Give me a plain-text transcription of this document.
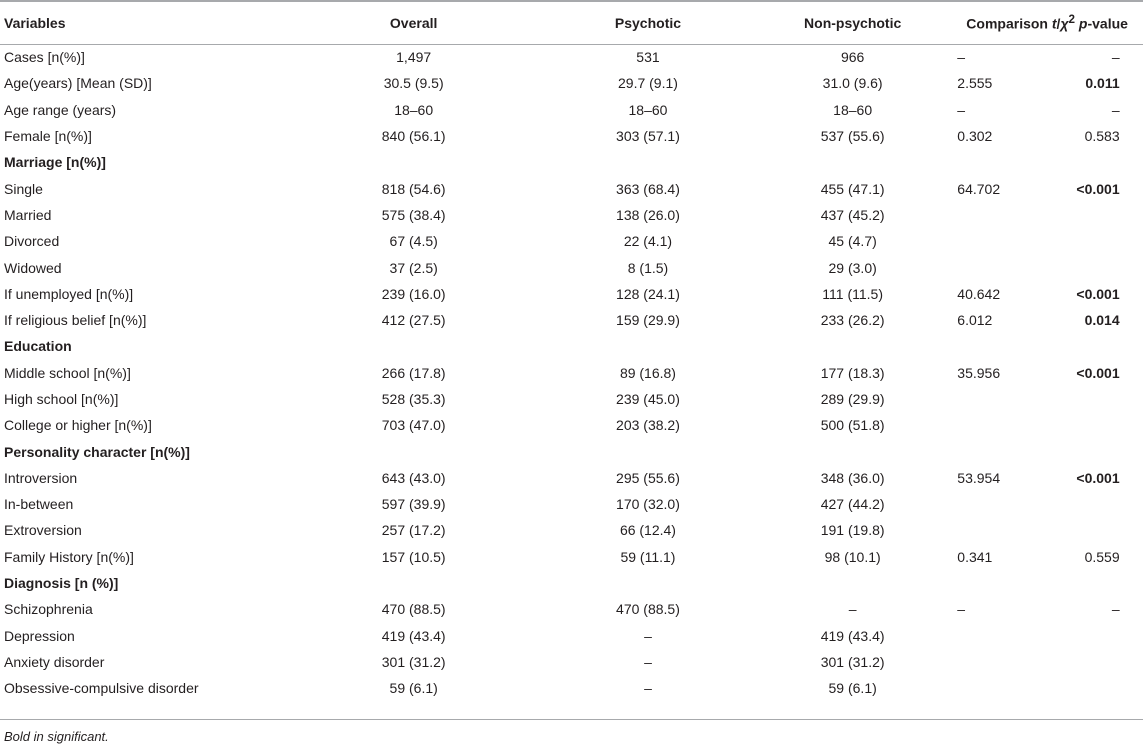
Variables	Overall	Psychotic	Non-psychotic	Comparison $t/\chi^2$ p-value	
Cases [n(%)]	1,497	531	966	–	–
Age(years) [Mean (SD)]	30.5 (9.5)	29.7 (9.1)	31.0 (9.6)	2.555	0.011
Age range (years)	18–60	18–60	18–60	–	–
Female [n(%)]	840 (56.1)	303 (57.1)	537 (55.6)	0.302	0.583
Marriage [n(%)]					
Single	818 (54.6)	363 (68.4)	455 (47.1)	64.702	<0.001
Married	575 (38.4)	138 (26.0)	437 (45.2)		
Divorced	67 (4.5)	22 (4.1)	45 (4.7)		
Widowed	37 (2.5)	8 (1.5)	29 (3.0)		
If unemployed [n(%)]	239 (16.0)	128 (24.1)	111 (11.5)	40.642	<0.001
If religious belief [n(%)]	412 (27.5)	159 (29.9)	233 (26.2)	6.012	0.014
Education					
Middle school [n(%)]	266 (17.8)	89 (16.8)	177 (18.3)	35.956	<0.001
High school [n(%)]	528 (35.3)	239 (45.0)	289 (29.9)		
College or higher [n(%)]	703 (47.0)	203 (38.2)	500 (51.8)		
Personality character [n(%)]					
Introversion	643 (43.0)	295 (55.6)	348 (36.0)	53.954	<0.001
In-between	597 (39.9)	170 (32.0)	427 (44.2)		
Extroversion	257 (17.2)	66 (12.4)	191 (19.8)		
Family History [n(%)]	157 (10.5)	59 (11.1)	98 (10.1)	0.341	0.559
Diagnosis [n (%)]					
Schizophrenia	470 (88.5)	470 (88.5)	–	–	–
Depression	419 (43.4)	–	419 (43.4)		
Anxiety disorder	301 (31.2)	–	301 (31.2)		
Obsessive-compulsive disorder	59 (6.1)	–	59 (6.1)		
Bold in significant.
